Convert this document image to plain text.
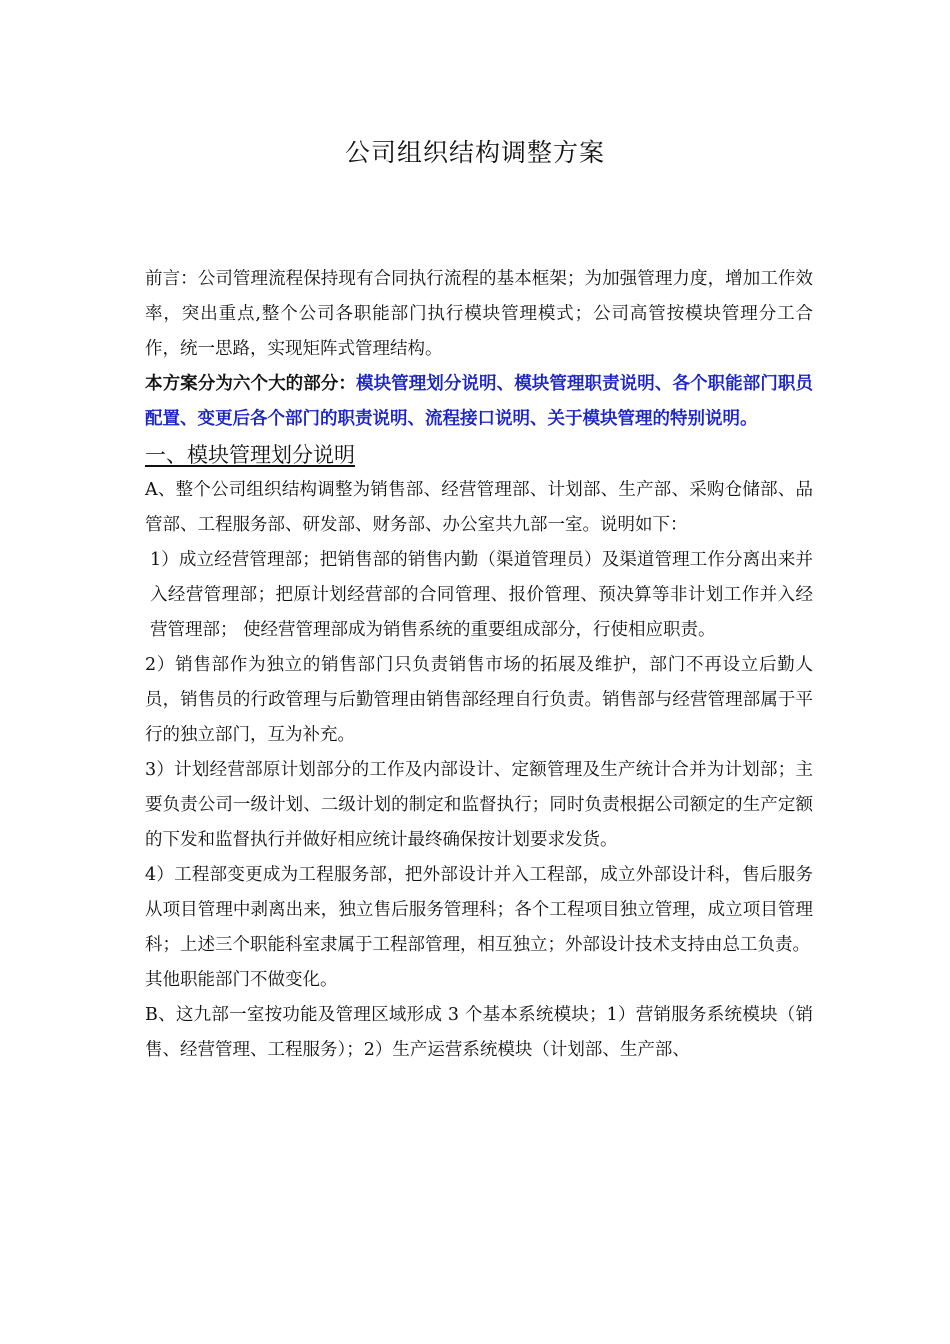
公司组织结构调整方案

前言：公司管理流程保持现有合同执行流程的基本框架；为加强管理力度，增加工作效率，突出重点,整个公司各职能部门执行模块管理模式；公司高管按模块管理分工合作，统一思路，实现矩阵式管理结构。

本方案分为六个大的部分：模块管理划分说明、模块管理职责说明、各个职能部门职员配置、变更后各个部门的职责说明、流程接口说明、关于模块管理的特别说明。

一、模块管理划分说明

A、整个公司组织结构调整为销售部、经营管理部、计划部、生产部、采购仓储部、品管部、工程服务部、研发部、财务部、办公室共九部一室。说明如下：

1）成立经营管理部；把销售部的销售内勤（渠道管理员）及渠道管理工作分离出来并入经营管理部；把原计划经营部的合同管理、报价管理、预决算等非计划工作并入经营管理部； 使经营管理部成为销售系统的重要组成部分，行使相应职责。

2）销售部作为独立的销售部门只负责销售市场的拓展及维护，部门不再设立后勤人员，销售员的行政管理与后勤管理由销售部经理自行负责。销售部与经营管理部属于平行的独立部门，互为补充。

3）计划经营部原计划部分的工作及内部设计、定额管理及生产统计合并为计划部；主要负责公司一级计划、二级计划的制定和监督执行；同时负责根据公司额定的生产定额的下发和监督执行并做好相应统计最终确保按计划要求发货。

4）工程部变更成为工程服务部，把外部设计并入工程部，成立外部设计科，售后服务从项目管理中剥离出来，独立售后服务管理科；各个工程项目独立管理，成立项目管理科；上述三个职能科室隶属于工程部管理，相互独立；外部设计技术支持由总工负责。

其他职能部门不做变化。

B、这九部一室按功能及管理区域形成 3 个基本系统模块；1）营销服务系统模块（销售、经营管理、工程服务）；2）生产运营系统模块（计划部、生产部、
